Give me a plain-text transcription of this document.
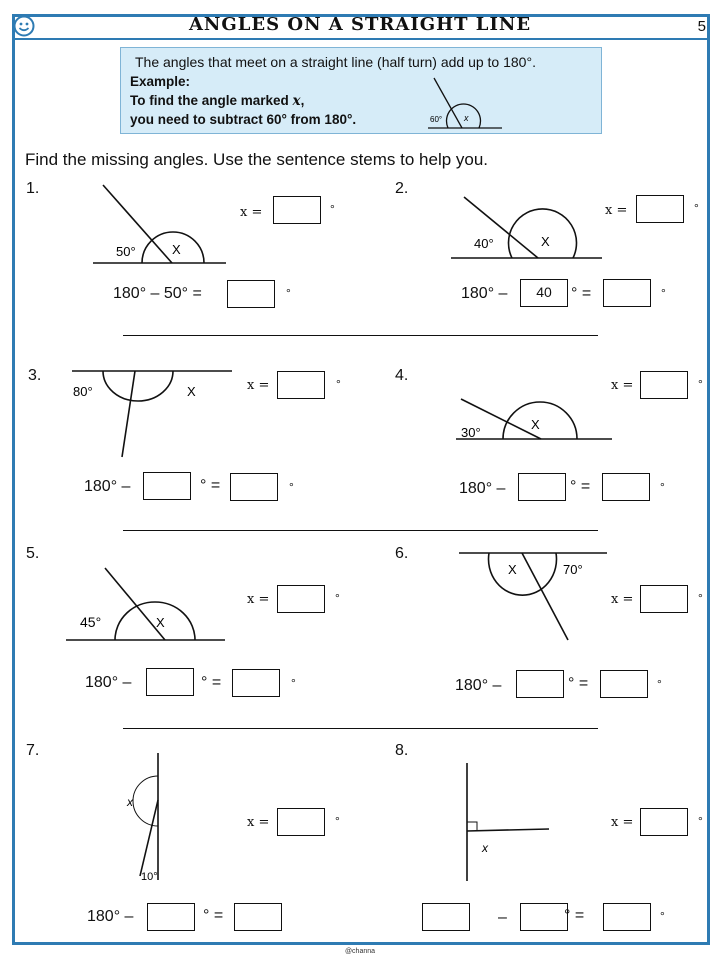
ANGLES ON A STRAIGHT LINE	5
The angles that meet on a straight line (half turn) add up to 180°.
Example:
To find the angle marked x,
you need to subtract 60° from 180°.	60° x
Find the missing angles. Use the sentence stems to help you.
1.
50°	X
x =	°
180° – 50° =	°
2.
40°	X
x =	°
180° –	40	° =	°
3.
80°	X	x =	°
180° –	° =	°
4.
30°
X
x =	°
180° –	° =	°
5.
45°	X
x =	°
180° –	° =	°
6.
X	70°
x =	°
180° –	° =	°
7.
x
10°
x =	°
180° –	° =
8.
x
x =	°
–	° =	°
@channa
